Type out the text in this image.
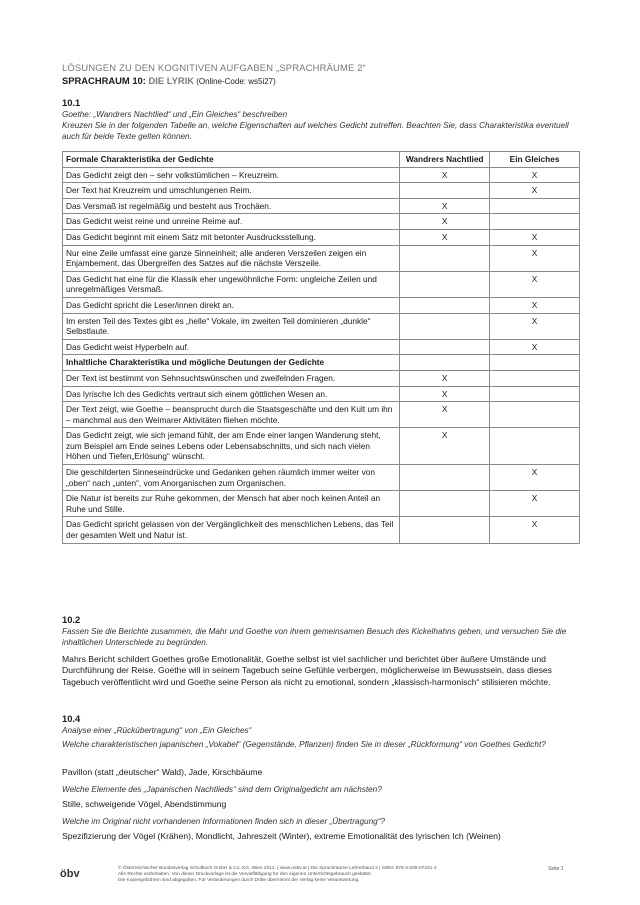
LÖSUNGEN ZU DEN KOGNITIVEN AUFGABEN „SPRACHRÄUME 2“
SPRACHRAUM 10: DIE LYRIK (Online-Code: ws5i27)
10.1
Goethe: „Wandrers Nachtlied“ und „Ein Gleiches“ beschreiben
Kreuzen Sie in der folgenden Tabelle an, welche Eigenschaften auf welches Gedicht zutreffen. Beachten Sie, dass Charakteristika eventuell auch für beide Texte gelten können.
Formale Charakteristika der Gedichte	Wandrers Nachtlied	Ein Gleiches
Das Gedicht zeigt den – sehr volkstümlichen – Kreuzreim.	X	X
Der Text hat Kreuzreim und umschlungenen Reim.		X
Das Versmaß ist regelmäßig und besteht aus Trochäen.	X	
Das Gedicht weist reine und unreine Reime auf.	X	
Das Gedicht beginnt mit einem Satz mit betonter Ausdrucksstellung.	X	X
Nur eine Zeile umfasst eine ganze Sinneinheit; alle anderen Verszeilen zeigen ein Enjambement, das Übergreifen des Satzes auf die nächste Verszeile.		X
Das Gedicht hat eine für die Klassik eher ungewöhnliche Form: ungleiche Zeilen und unregelmäßiges Versmaß.		X
Das Gedicht spricht die Leser/innen direkt an.		X
Im ersten Teil des Textes gibt es „helle“ Vokale, im zweiten Teil dominieren „dunkle“ Selbstlaute.		X
Das Gedicht weist Hyperbeln auf.		X
Inhaltliche Charakteristika und mögliche Deutungen der Gedichte		
Der Text ist bestimmt von Sehnsuchtswünschen und zweifelnden Fragen.	X	
Das lyrische Ich des Gedichts vertraut sich einem göttlichen Wesen an.	X	
Der Text zeigt, wie Goethe – beansprucht durch die Staatsgeschäfte und den Kult um ihn – manchmal aus den Weimarer Aktivitäten fliehen möchte.	X	
Das Gedicht zeigt, wie sich jemand fühlt, der am Ende einer langen Wanderung steht, zum Beispiel am Ende seines Lebens oder Lebensabschnitts, und sich nach vielen Höhen und Tiefen„Erlösung“ wünscht.	X	
Die geschilderten Sinneseindrücke und Gedanken gehen räumlich immer weiter von „oben“ nach „unten“, vom Anorganischen zum Organischen.		X
Die Natur ist bereits zur Ruhe gekommen, der Mensch hat aber noch keinen Anteil an Ruhe und Stille.		X
Das Gedicht spricht gelassen von der Vergänglichkeit des menschlichen Lebens, das Teil der gesamten Welt und Natur ist.		X
10.2
Fassen Sie die Berichte zusammen, die Mahr und Goethe von ihrem gemeinsamen Besuch des Kickelhahns geben, und versuchen Sie die inhaltlichen Unterschiede zu begründen.
Mahrs Bericht schildert Goethes große Emotionalität, Goethe selbst ist viel sachlicher und berichtet über äußere Umstände und Durchführung der Reise. Goethe will in seinem Tagebuch seine Gefühle verbergen, möglicherweise im Bewusstsein, dass dieses Tagebuch veröffentlicht wird und Goethe seine Person als nicht zu emotional, sondern „klassisch-harmonisch“ stilisieren möchte.
10.4
Analyse einer „Rückübertragung“ von „Ein Gleiches“
Welche charakteristischen japanischen „Vokabel“ (Gegenstände, Pflanzen) finden Sie in dieser „Rückformung“ von Goethes Gedicht?
Pavillon (statt „deutscher“ Wald), Jade, Kirschbäume
Welche Elemente des „Japanischen Nachtlieds“ sind dem Originalgedicht am nächsten?
Stille, schweigende Vögel, Abendstimmung
Welche im Original nicht vorhandenen Informationen finden sich in dieser „Übertragung“?
Spezifizierung der Vögel (Krähen), Mondlicht, Jahreszeit (Winter), extreme Emotionalität des lyrischen Ich (Weinen)
öbv	© Österreichischer Bundesverlag Schulbuch GmbH & Co. KG, Wien 2012. | www.oebv.at | Die Sprachräume Lehrerband 2 | ISBN: 978-3-209-07221-4
Alle Rechte vorbehalten. Von dieser Druckvorlage ist die Vervielfältigung für den eigenen Unterrichtsgebrauch gestattet.
Die Kopiergebühren sind abgegolten. Für Veränderungen durch Dritte übernimmt der Verlag keine Verantwortung.
Seite 1
